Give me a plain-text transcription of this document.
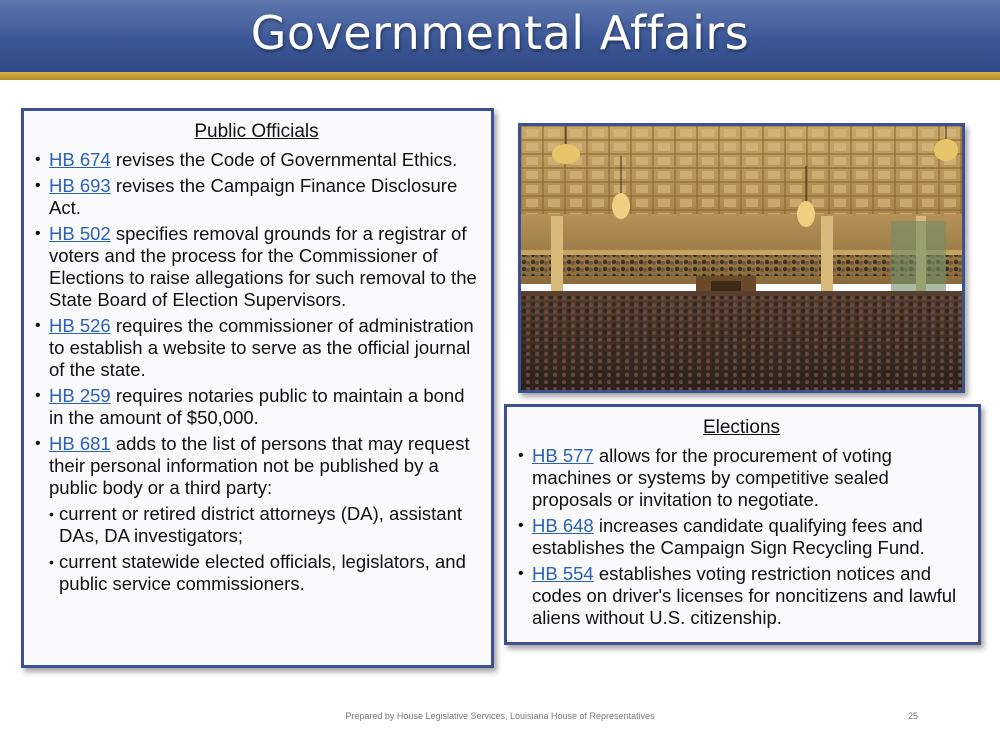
Governmental Affairs
Public Officials
• HB 674 revises the Code of Governmental Ethics.
• HB 693 revises the Campaign Finance Disclosure Act.
• HB 502 specifies removal grounds for a registrar of voters and the process for the Commissioner of Elections to raise allegations for such removal to the State Board of Election Supervisors.
• HB 526 requires the commissioner of administration to establish a website to serve as the official journal of the state.
• HB 259 requires notaries public to maintain a bond in the amount of $50,000.
• HB 681 adds to the list of persons that may request their personal information not be published by a public body or a third party:
• current or retired district attorneys (DA), assistant DAs, DA investigators;
• current statewide elected officials, legislators, and public service commissioners.
Elections
• HB 577 allows for the procurement of voting machines or systems by competitive sealed proposals or invitation to negotiate.
• HB 648 increases candidate qualifying fees and establishes the Campaign Sign Recycling Fund.
• HB 554 establishes voting restriction notices and codes on driver's licenses for noncitizens and lawful aliens without U.S. citizenship.
Prepared by House Legislative Services, Louisiana House of Representatives	25
